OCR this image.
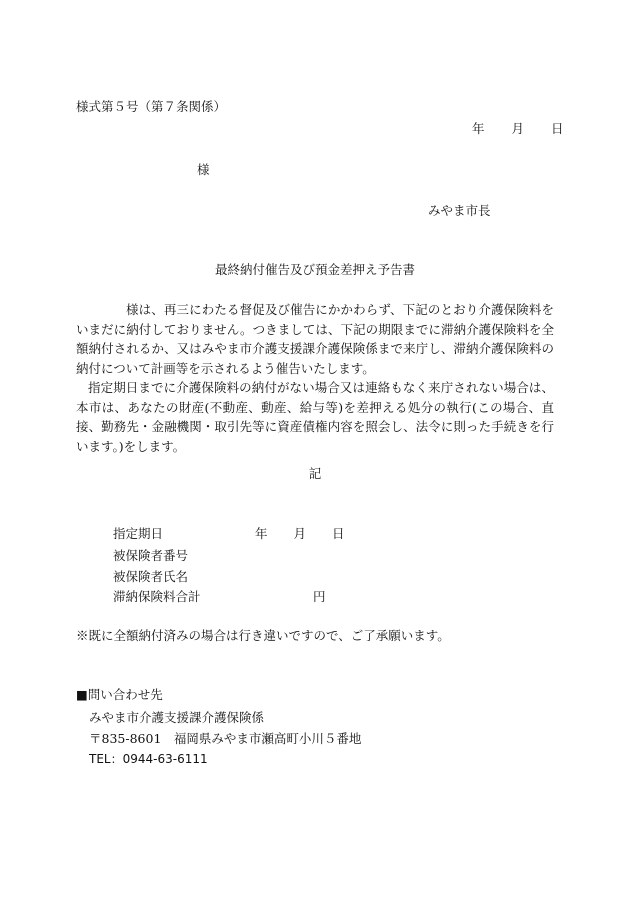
様式第５号（第７条関係）
年 月 日
様
みやま市長
最終納付催告及び預金差押え予告書

様は、再三にわたる督促及び催告にかかわらず、下記のとおり介護保険料をいまだに納付しておりません。つきましては、下記の期限までに滞納介護保険料を全額納付されるか、又はみやま市介護支援課介護保険係まで来庁し、滞納介護保険料の納付について計画等を示されるよう催告いたします。

指定期日までに介護保険料の納付がない場合又は連絡もなく来庁されない場合は、本市は、あなたの財産(不動産、動産、給与等)を差押える処分の執行(この場合、直接、勤務先・金融機関・取引先等に資産債権内容を照会し、法令に則った手続きを行います。)をします。

記
指定期日	年 月 日
被保険者番号
被保険者氏名
滞納保険料合計	円
※既に全額納付済みの場合は行き違いですので、ご了承願います。
■問い合わせ先
みやま市介護支援課介護保険係
〒835-8601　福岡県みやま市瀬高町小川５番地
TEL：0944-63-6111
